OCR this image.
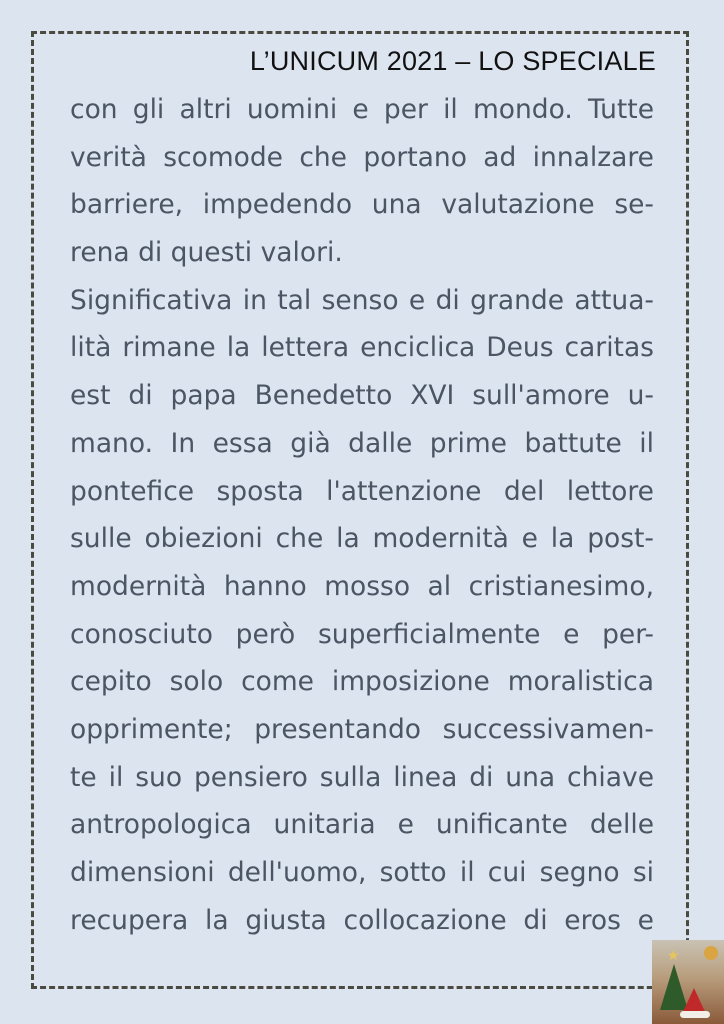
L’UNICUM 2021 – LO SPECIALE
con gli altri uomini e per il mondo. Tutte
verità scomode che portano ad innalzare
barriere, impedendo una valutazione se-
rena di questi valori.
Significativa in tal senso e di grande attua-
lità rimane la lettera enciclica Deus caritas
est di papa Benedetto XVI sull'amore u-
mano. In essa già dalle prime battute il
pontefice sposta l'attenzione del lettore
sulle obiezioni che la modernità e la post-
modernità hanno mosso al cristianesimo,
conosciuto però superficialmente e per-
cepito solo come imposizione moralistica
opprimente; presentando successivamen-
te il suo pensiero sulla linea di una chiave
antropologica unitaria e unificante delle
dimensioni dell'uomo, sotto il cui segno si
recupera la giusta collocazione di eros e
★
